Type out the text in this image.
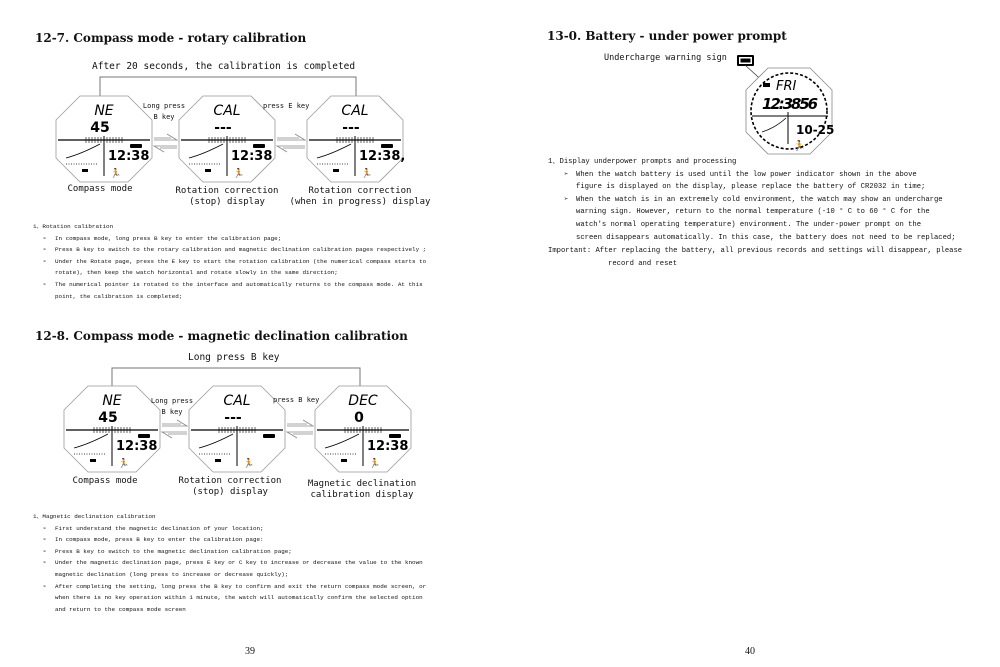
12-7. Compass mode - rotary calibration
After 20 seconds, the calibration is completed
NE
45
12:38
🏃
CAL
---
12:38
🏃
CAL
---
12:38,
🏃
Long press
B key
press E key
Compass mode	Rotation correction
(stop) display
Rotation correction
(when in progress) display
1、Rotation calibration
➢ In compass mode, long press B key to enter the calibration page;
➢ Press B key to switch to the rotary calibration and magnetic declination calibration pages respectively ;
➢ Under the Rotate page, press the E key to start the rotation calibration (the numerical compass starts to
rotate), then keep the watch horizontal and rotate slowly in the same direction;
➢ The numerical pointer is rotated to the interface and automatically returns to the compass mode. At this
point, the calibration is completed;
12-8. Compass mode - magnetic declination calibration
Long press B key
NE
45
12:38
🏃
CAL
---
🏃
DEC
0
12:38
🏃
Long press
B key
press B key
Compass mode	Rotation correction
(stop) display
Magnetic declination
calibration display
1、Magnetic declination calibration
➢ First understand the magnetic declination of your location;
➢ In compass mode, press B key to enter the calibration page:
➢ Press B key to switch to the magnetic declination calibration page;
➢ Under the magnetic declination page, press E key or C key to increase or decrease the value to the known
magnetic declination (long press to increase or decrease quickly);
➢ After completing the setting, long press the B key to confirm and exit the return compass mode screen, or
when there is no key operation within 1 minute, the watch will automatically confirm the selected option
and return to the compass mode screen
39
13-0. Battery - under power prompt
Undercharge warning sign
FRI
12:3856
10-25
🏃
1、Display underpower prompts and processing
➢ When the watch battery is used until the low power indicator shown in the above
figure is displayed on the display, please replace the battery of CR2032 in time;
➢ When the watch is in an extremely cold environment, the watch may show an undercharge
warning sign. However, return to the normal temperature (-10 ° C to 60 ° C for the
watch's normal operating temperature) environment. The under-power prompt on the
screen disappears automatically. In this case, the battery does not need to be replaced;
Important: After replacing the battery, all previous records and settings will disappear, please
record and reset
40
